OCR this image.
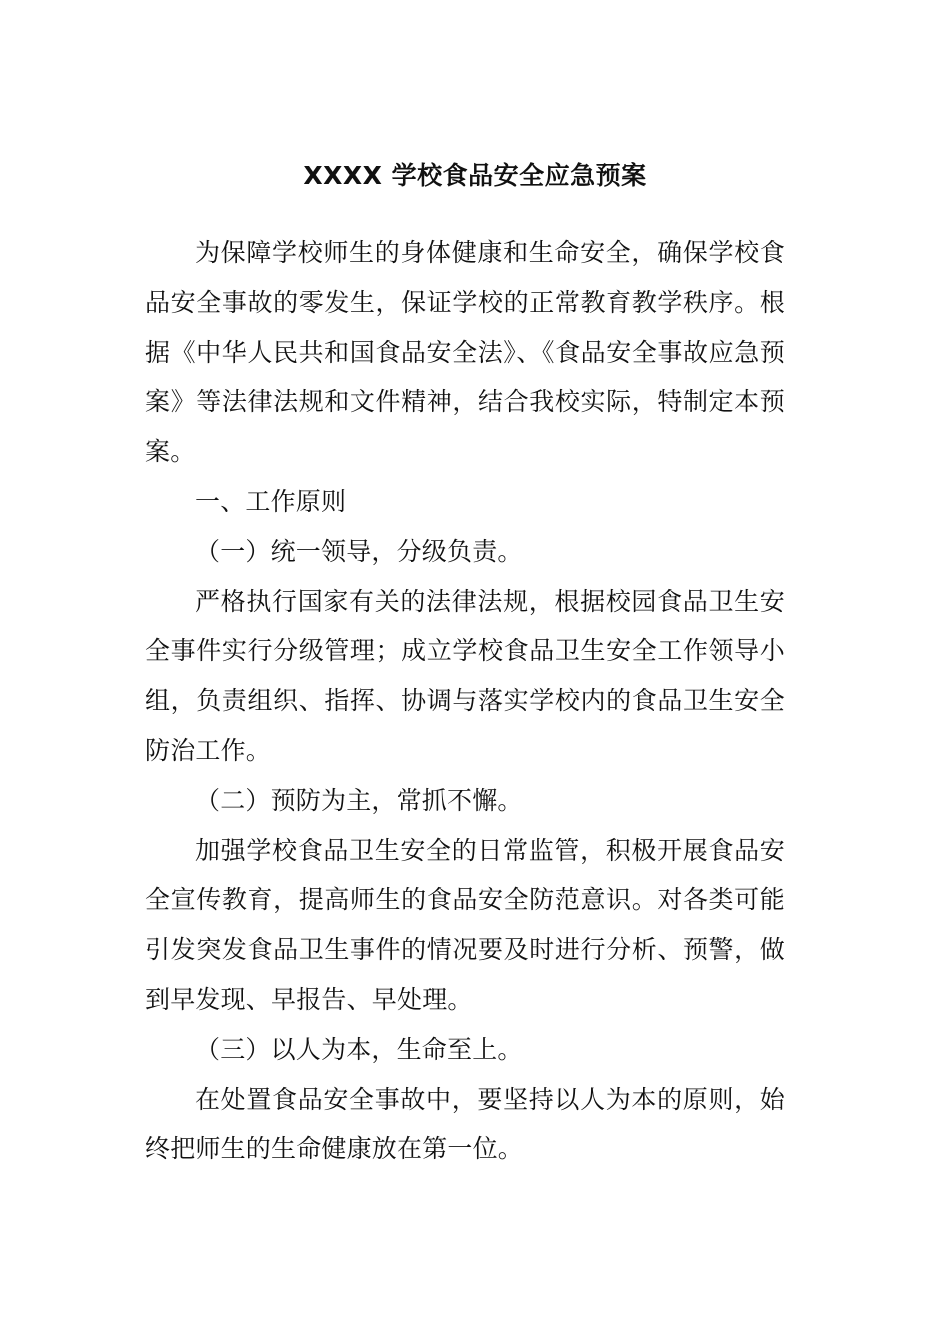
XXXX 学校食品安全应急预案

为保障学校师生的身体健康和生命安全，确保学校食品安全事故的零发生，保证学校的正常教育教学秩序。根据《中华人民共和国食品安全法》、《食品安全事故应急预案》等法律法规和文件精神，结合我校实际，特制定本预案。

一、工作原则

（一）统一领导，分级负责。

严格执行国家有关的法律法规，根据校园食品卫生安全事件实行分级管理；成立学校食品卫生安全工作领导小组，负责组织、指挥、协调与落实学校内的食品卫生安全防治工作。

（二）预防为主，常抓不懈。

加强学校食品卫生安全的日常监管，积极开展食品安全宣传教育，提高师生的食品安全防范意识。对各类可能引发突发食品卫生事件的情况要及时进行分析、预警，做到早发现、早报告、早处理。

（三）以人为本，生命至上。

在处置食品安全事故中，要坚持以人为本的原则，始终把师生的生命健康放在第一位。
